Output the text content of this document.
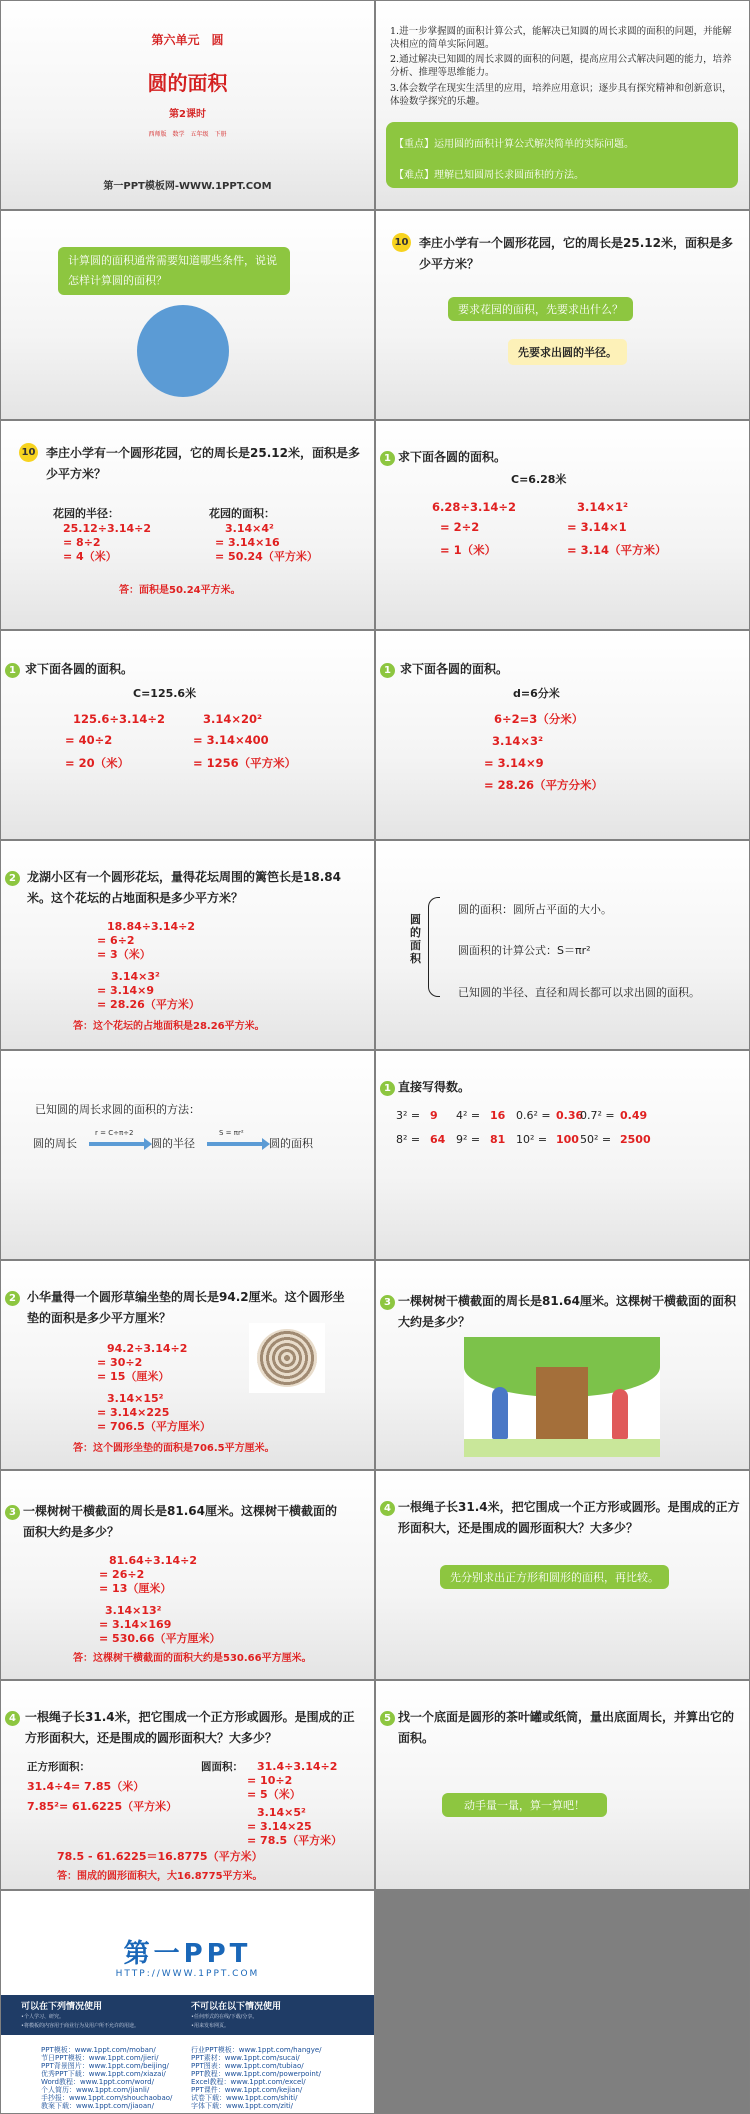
第六单元　圆
圆的面积
第2课时
西师版　数学　五年级　下册
第一PPT模板网-WWW.1PPT.COM
1.进一步掌握圆的面积计算公式，能解决已知圆的周长求圆的面积的问题，并能解决相应的简单实际问题。
2.通过解决已知圆的周长求圆的面积的问题，提高应用公式解决问题的能力，培养分析、推理等思维能力。
3.体会数学在现实生活里的应用，培养应用意识；逐步具有探究精神和创新意识，体验数学探究的乐趣。
【重点】运用圆的面积计算公式解决简单的实际问题。
【难点】理解已知圆周长求圆面积的方法。
计算圆的面积通常需要知道哪些条件，说说怎样计算圆的面积？
10 李庄小学有一个圆形花园，它的周长是25.12米，面积是多少平方米？
要求花园的面积，先要求出什么？
先要求出圆的半径。
10 李庄小学有一个圆形花园，它的周长是25.12米，面积是多少平方米？
花园的半径：
25.12÷3.14÷2
= 8÷2
= 4（米）
花园的面积：
3.14×4²
= 3.14×16
= 50.24（平方米）
答：面积是50.24平方米。
1 求下面各圆的面积。
C=6.28米
6.28÷3.14÷2
= 2÷2
= 1（米）
3.14×1²
= 3.14×1
= 3.14（平方米）
1 求下面各圆的面积。
C=125.6米
125.6÷3.14÷2
= 40÷2
= 20（米）
3.14×20²
= 3.14×400
= 1256（平方米）
1 求下面各圆的面积。
d=6分米
6÷2=3（分米）
3.14×3²
= 3.14×9
= 28.26（平方分米）
2 龙湖小区有一个圆形花坛，量得花坛周围的篱笆长是18.84米。这个花坛的占地面积是多少平方米？
18.84÷3.14÷2
= 6÷2
= 3（米）
3.14×3²
= 3.14×9
= 28.26（平方米）
答：这个花坛的占地面积是28.26平方米。
圆的面积
圆的面积：圆所占平面的大小。
圆面积的计算公式：S＝πr²
已知圆的半径、直径和周长都可以求出圆的面积。
已知圆的周长求圆的面积的方法：
圆的周长
r = C÷π÷2
圆的半径
S = πr²
圆的面积
1 直接写得数。
3² = 9 4² = 16 0.6² = 0.36
0.7² = 0.49
8² = 64 9² = 81 10² = 100 50² = 2500
2 小华量得一个圆形草编坐垫的周长是94.2厘米。这个圆形坐垫的面积是多少平方厘米？
94.2÷3.14÷2
= 30÷2
= 15（厘米）
3.14×15²
= 3.14×225
= 706.5（平方厘米）
答：这个圆形坐垫的面积是706.5平方厘米。
3 一棵树树干横截面的周长是81.64厘米。这棵树干横截面的面积大约是多少？
3 一棵树树干横截面的周长是81.64厘米。这棵树干横截面的面积大约是多少？
81.64÷3.14÷2
= 26÷2
= 13（厘米）
3.14×13²
= 3.14×169
= 530.66（平方厘米）
答：这棵树干横截面的面积大约是530.66平方厘米。
4 一根绳子长31.4米，把它围成一个正方形或圆形。是围成的正方形面积大，还是围成的圆形面积大？大多少？
先分别求出正方形和圆形的面积，再比较。
4 一根绳子长31.4米，把它围成一个正方形或圆形。是围成的正方形面积大，还是围成的圆形面积大？大多少？
正方形面积：
31.4÷4= 7.85（米）
7.85²= 61.6225（平方米）
圆面积： 31.4÷3.14÷2
= 10÷2
= 5（米）
3.14×5²
= 3.14×25
= 78.5（平方米）
78.5 - 61.6225＝16.8775（平方米）
答：围成的圆形面积大，大16.8775平方米。
5 找一个底面是圆形的茶叶罐或纸筒，量出底面周长，并算出它的面积。
动手量一量，算一算吧！
第一PPT
HTTP://WWW.1PPT.COM
可以在下列情况使用
•个人学习、研究。
•将模板的内容用于商业行为及用户所不允许的用途。
不可以在以下情况使用
•任何形式的在线/下载/分享。
•用来发布网页。
PPT模板：www.1ppt.com/moban/
节日PPT模板：www.1ppt.com/jieri/
PPT背景图片：www.1ppt.com/beijing/
优秀PPT下载：www.1ppt.com/xiazai/
Word教程：www.1ppt.com/word/
个人简历：www.1ppt.com/jianli/
手抄报：www.1ppt.com/shouchaobao/
教案下载：www.1ppt.com/jiaoan/
行业PPT模板：www.1ppt.com/hangye/
PPT素材：www.1ppt.com/sucai/
PPT图表：www.1ppt.com/tubiao/
PPT教程：www.1ppt.com/powerpoint/
Excel教程：www.1ppt.com/excel/
PPT课件：www.1ppt.com/kejian/
试卷下载：www.1ppt.com/shiti/
字体下载：www.1ppt.com/ziti/
